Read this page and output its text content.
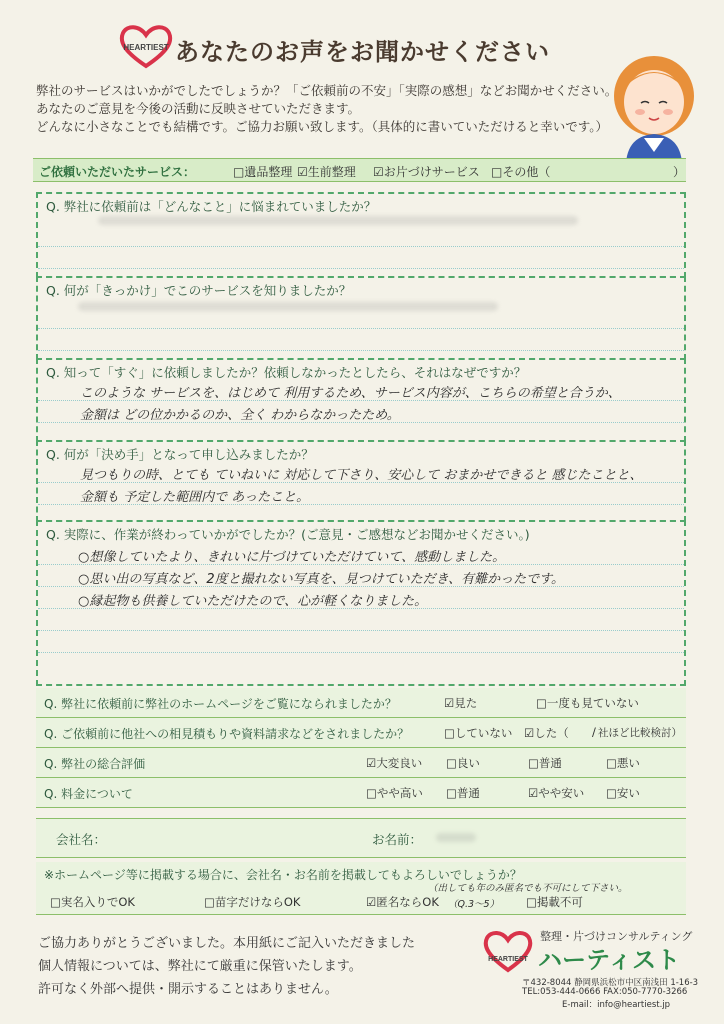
HEARTIEST あなたのお声をお聞かせください
弊社のサービスはいかがでしたでしょうか？「ご依頼前の不安」「実際の感想」などお聞かせください。
あなたのご意見を今後の活動に反映させていただきます。
どんなに小さなことでも結構です。ご協力お願い致します。（具体的に書いていただけると幸いです。）
ご依頼いただいたサービス：	□遺品整理 ☑生前整理 ☑お片づけサービス □その他（	）
Q. 弊社に依頼前は「どんなこと」に悩まれていましたか？
Q. 何が「きっかけ」でこのサービスを知りましたか？
Q. 知って「すぐ」に依頼しましたか？依頼しなかったとしたら、それはなぜですか？
このような サービスを、はじめて 利用するため、サービス内容が、こちらの希望と合うか、
金額は どの位かかるのか、全く わからなかったため。
Q. 何が「決め手」となって申し込みましたか？
見つもりの時、とても ていねいに 対応して下さり、安心して おまかせできると 感じたことと、
金額も 予定した範囲内で あったこと。
Q. 実際に、作業が終わっていかがでしたか？(ご意見・ご感想などお聞かせください。)
○想像していたより、きれいに片づけていただけていて、感動しました。
○思い出の写真など、2度と撮れない写真を、見つけていただき、有難かったです。
○縁起物も供養していただけたので、心が軽くなりました。
Q. 弊社に依頼前に弊社のホームページをご覧になられましたか？	☑見た	□一度も見ていない
Q. ご依頼前に他社への相見積もりや資料請求などをされましたか？	□していない ☑した（ / 社ほど比較検討）
Q. 弊社の総合評価	☑大変良い □良い	□普通	□悪い
Q. 料金について	□やや高い □普通	☑やや安い □安い
会社名：	お名前：
※ホームページ等に掲載する場合に、会社名・お名前を掲載してもよろしいでしょうか？
□実名入りでOK	□苗字だけならOK	☑匿名ならOK	□掲載不可
（出しても年のみ匿名でも不可にして下さい。
（Q.3〜5）
ご協力ありがとうございました。本用紙にご記入いただきました
個人情報については、弊社にて厳重に保管いたします。
許可なく外部へ提供・開示することはありません。
HEARTIEST
整理・片づけコンサルティング
ハーティスト
〒432-8044 静岡県浜松市中区南浅田 1-16-3
TEL:053-444-0666 FAX:050-7770-3266
E-mail：info@heartiest.jp
